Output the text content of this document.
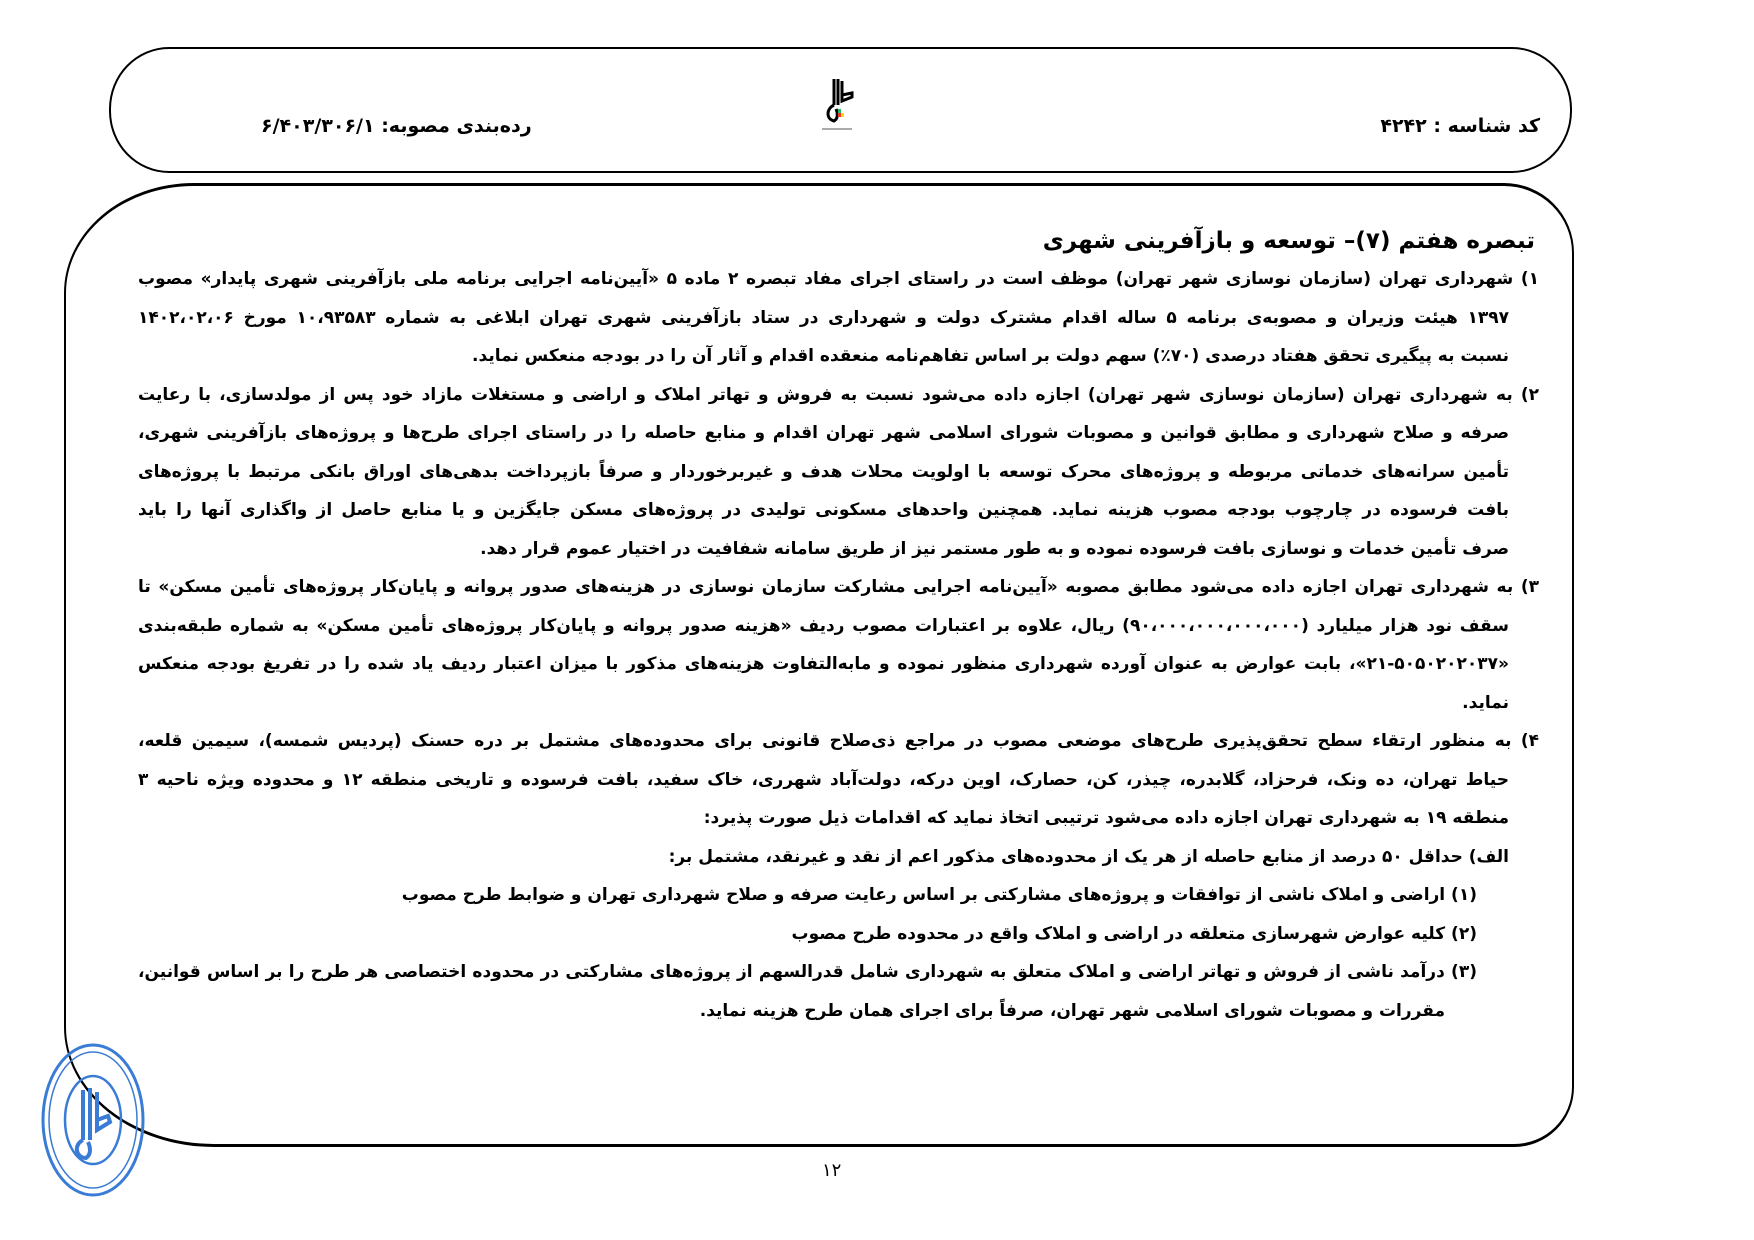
کد شناسه : ۴۲۴۲
رده‌بندی مصوبه: ۶/۴۰۳/۳۰۶/۱
تبصره هفتم (۷)– توسعه و بازآفرینی شهری
۱) شهرداری تهران (سازمان نوسازی شهر تهران) موظف است در راستای اجرای مفاد تبصره ۲ ماده ۵ «آیین‌نامه اجرایی برنامه ملی بازآفرینی شهری پایدار» مصوب
۱۳۹۷ هیئت وزیران و مصوبه‌ی برنامه ۵ ساله اقدام مشترک دولت و شهرداری در ستاد بازآفرینی شهری تهران ابلاغی به شماره ۱۰،۹۳۵۸۳ مورخ ۱۴۰۲،۰۲،۰۶
نسبت به پیگیری تحقق هفتاد درصدی (۷۰٪) سهم دولت بر اساس تفاهم‌نامه منعقده اقدام و آثار آن را در بودجه منعکس نماید.
۲) به شهرداری تهران (سازمان نوسازی شهر تهران) اجازه داده می‌شود نسبت به فروش و تهاتر املاک و اراضی و مستغلات مازاد خود پس از مولدسازی، با رعایت
صرفه و صلاح شهرداری و مطابق قوانین و مصوبات شورای اسلامی شهر تهران اقدام و منابع حاصله را در راستای اجرای طرح‌ها و پروژه‌های بازآفرینی شهری،
تأمین سرانه‌های خدماتی مربوطه و پروژه‌های محرک توسعه با اولویت محلات هدف و غیربرخوردار و صرفاً بازپرداخت بدهی‌های اوراق بانکی مرتبط با پروژه‌های
بافت فرسوده در چارچوب بودجه مصوب هزینه نماید. همچنین واحدهای مسکونی تولیدی در پروژه‌های مسکن جایگزین و یا منابع حاصل از واگذاری آنها را باید
صرف تأمین خدمات و نوسازی بافت فرسوده نموده و به طور مستمر نیز از طریق سامانه شفافیت در اختیار عموم قرار دهد.
۳) به شهرداری تهران اجازه داده می‌شود مطابق مصوبه «آیین‌نامه اجرایی مشارکت سازمان نوسازی در هزینه‌های صدور پروانه و پایان‌کار پروژه‌های تأمین مسکن» تا
سقف نود هزار میلیارد (۹۰،۰۰۰،۰۰۰،۰۰۰،۰۰۰) ریال، علاوه بر اعتبارات مصوب ردیف «هزینه صدور پروانه و پایان‌کار پروژه‌های تأمین مسکن» به شماره طبقه‌بندی
«۲۱-۵۰۵۰۲۰۲۰۳۷»، بابت عوارض به عنوان آورده شهرداری منظور نموده و مابه‌التفاوت هزینه‌های مذکور با میزان اعتبار ردیف یاد شده را در تفریغ بودجه منعکس
نماید.
۴) به منظور ارتقاء سطح تحقق‌پذیری طرح‌های موضعی مصوب در مراجع ذی‌صلاح قانونی برای محدوده‌های مشتمل بر دره حسنک (پردیس شمسه)، سیمین قلعه،
حیاط تهران، ده ونک، فرحزاد، گلابدره، چیذر، کن، حصارک، اوین درکه، دولت‌آباد شهرری، خاک سفید، بافت فرسوده و تاریخی منطقه ۱۲ و محدوده ویژه ناحیه ۳
منطقه ۱۹ به شهرداری تهران اجازه داده می‌شود ترتیبی اتخاذ نماید که اقدامات ذیل صورت پذیرد:
الف) حداقل ۵۰ درصد از منابع حاصله از هر یک از محدوده‌های مذکور اعم از نقد و غیرنقد، مشتمل بر:
(۱) اراضی و املاک ناشی از توافقات و پروژه‌های مشارکتی بر اساس رعایت صرفه و صلاح شهرداری تهران و ضوابط طرح مصوب
(۲) کلیه عوارض شهرسازی متعلقه در اراضی و املاک واقع در محدوده طرح مصوب
(۳) درآمد ناشی از فروش و تهاتر اراضی و املاک متعلق به شهرداری شامل قدرالسهم از پروژه‌های مشارکتی در محدوده اختصاصی هر طرح را بر اساس قوانین،
مقررات و مصوبات شورای اسلامی شهر تهران، صرفاً برای اجرای همان طرح هزینه نماید.
۱۲
